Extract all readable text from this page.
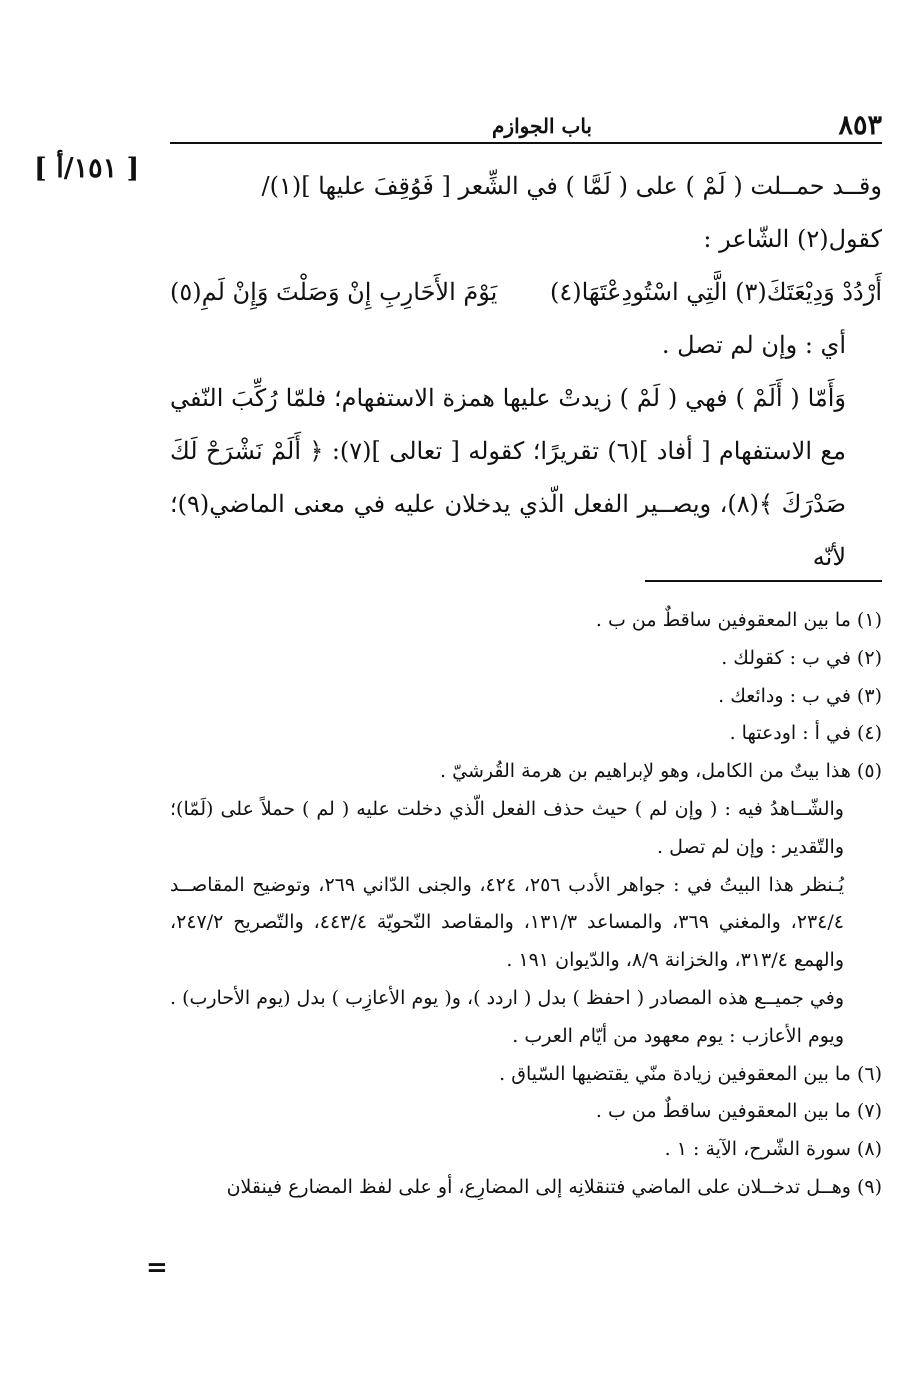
٨٥٣
باب الجوازم
[ ١٥١/أ ]

وقــد حمــلت ( لَمْ ) على ( لَمَّا ) في الشِّعر [ فَوُقِفَ عليها ](١)/

كقول(٢) الشّاعر :

أَرْدُدْ وَدِيْعَتَكَ(٣) الَّتِي اسْتُودِعْتَهَا(٤)
يَوْمَ الأَحَارِبِ إِنْ وَصَلْتَ وَإِنْ لَمِ(٥)

أي : وإن لم تصل .

وَأَمّا ( أَلَمْ ) فهي ( لَمْ ) زيدتْ عليها همزة الاستفهام؛ فلمّا رُكِّبَ النّفي مع الاستفهام [ أفاد ](٦) تقريرًا؛ كقوله [ تعالى ](٧): ﴿ أَلَمْ نَشْرَحْ لَكَ صَدْرَكَ ﴾(٨)، ويصــير الفعل الّذي يدخلان عليه في معنى الماضي(٩)؛ لأنّه

(١) ما بين المعقوفين ساقطٌ من ب .

(٢) في ب : كقولك .

(٣) في ب : ودائعك .

(٤) في أ : اودعتها .

(٥) هذا بيتٌ من الكامل، وهو لإبراهيم بن هرمة القُرشيّ .

والشّــاهدُ فيه : ( وإن لم ) حيث حذف الفعل الّذي دخلت عليه ( لم ) حملاً على (لَمّا)؛ والتّقدير : وإن لم تصل .

يُـنظر هذا البيتُ في : جواهر الأدب ٢٥٦، ٤٢٤، والجنى الدّاني ٢٦٩، وتوضيح المقاصــد ٢٣٤/٤، والمغني ٣٦٩، والمساعد ١٣١/٣، والمقاصد النّحويّة ٤٤٣/٤، والتّصريح ٢٤٧/٢، والهمع ٣١٣/٤، والخزانة ٨/٩، والدّيوان ١٩١ .

وفي جميــع هذه المصادر ( احفظ ) بدل ( اردد )، و( يوم الأعازِب ) بدل (يوم الأحارب) . ويوم الأعازب : يوم معهود من أيّام العرب .

(٦) ما بين المعقوفين زيادة منّي يقتضيها السّياق .

(٧) ما بين المعقوفين ساقطٌ من ب .

(٨) سورة الشّرح، الآية : ١ .

(٩) وهــل تدخــلان على الماضي فتنقلانِه إلى المضارِع، أو على لفظ المضارع فينقلان

=
